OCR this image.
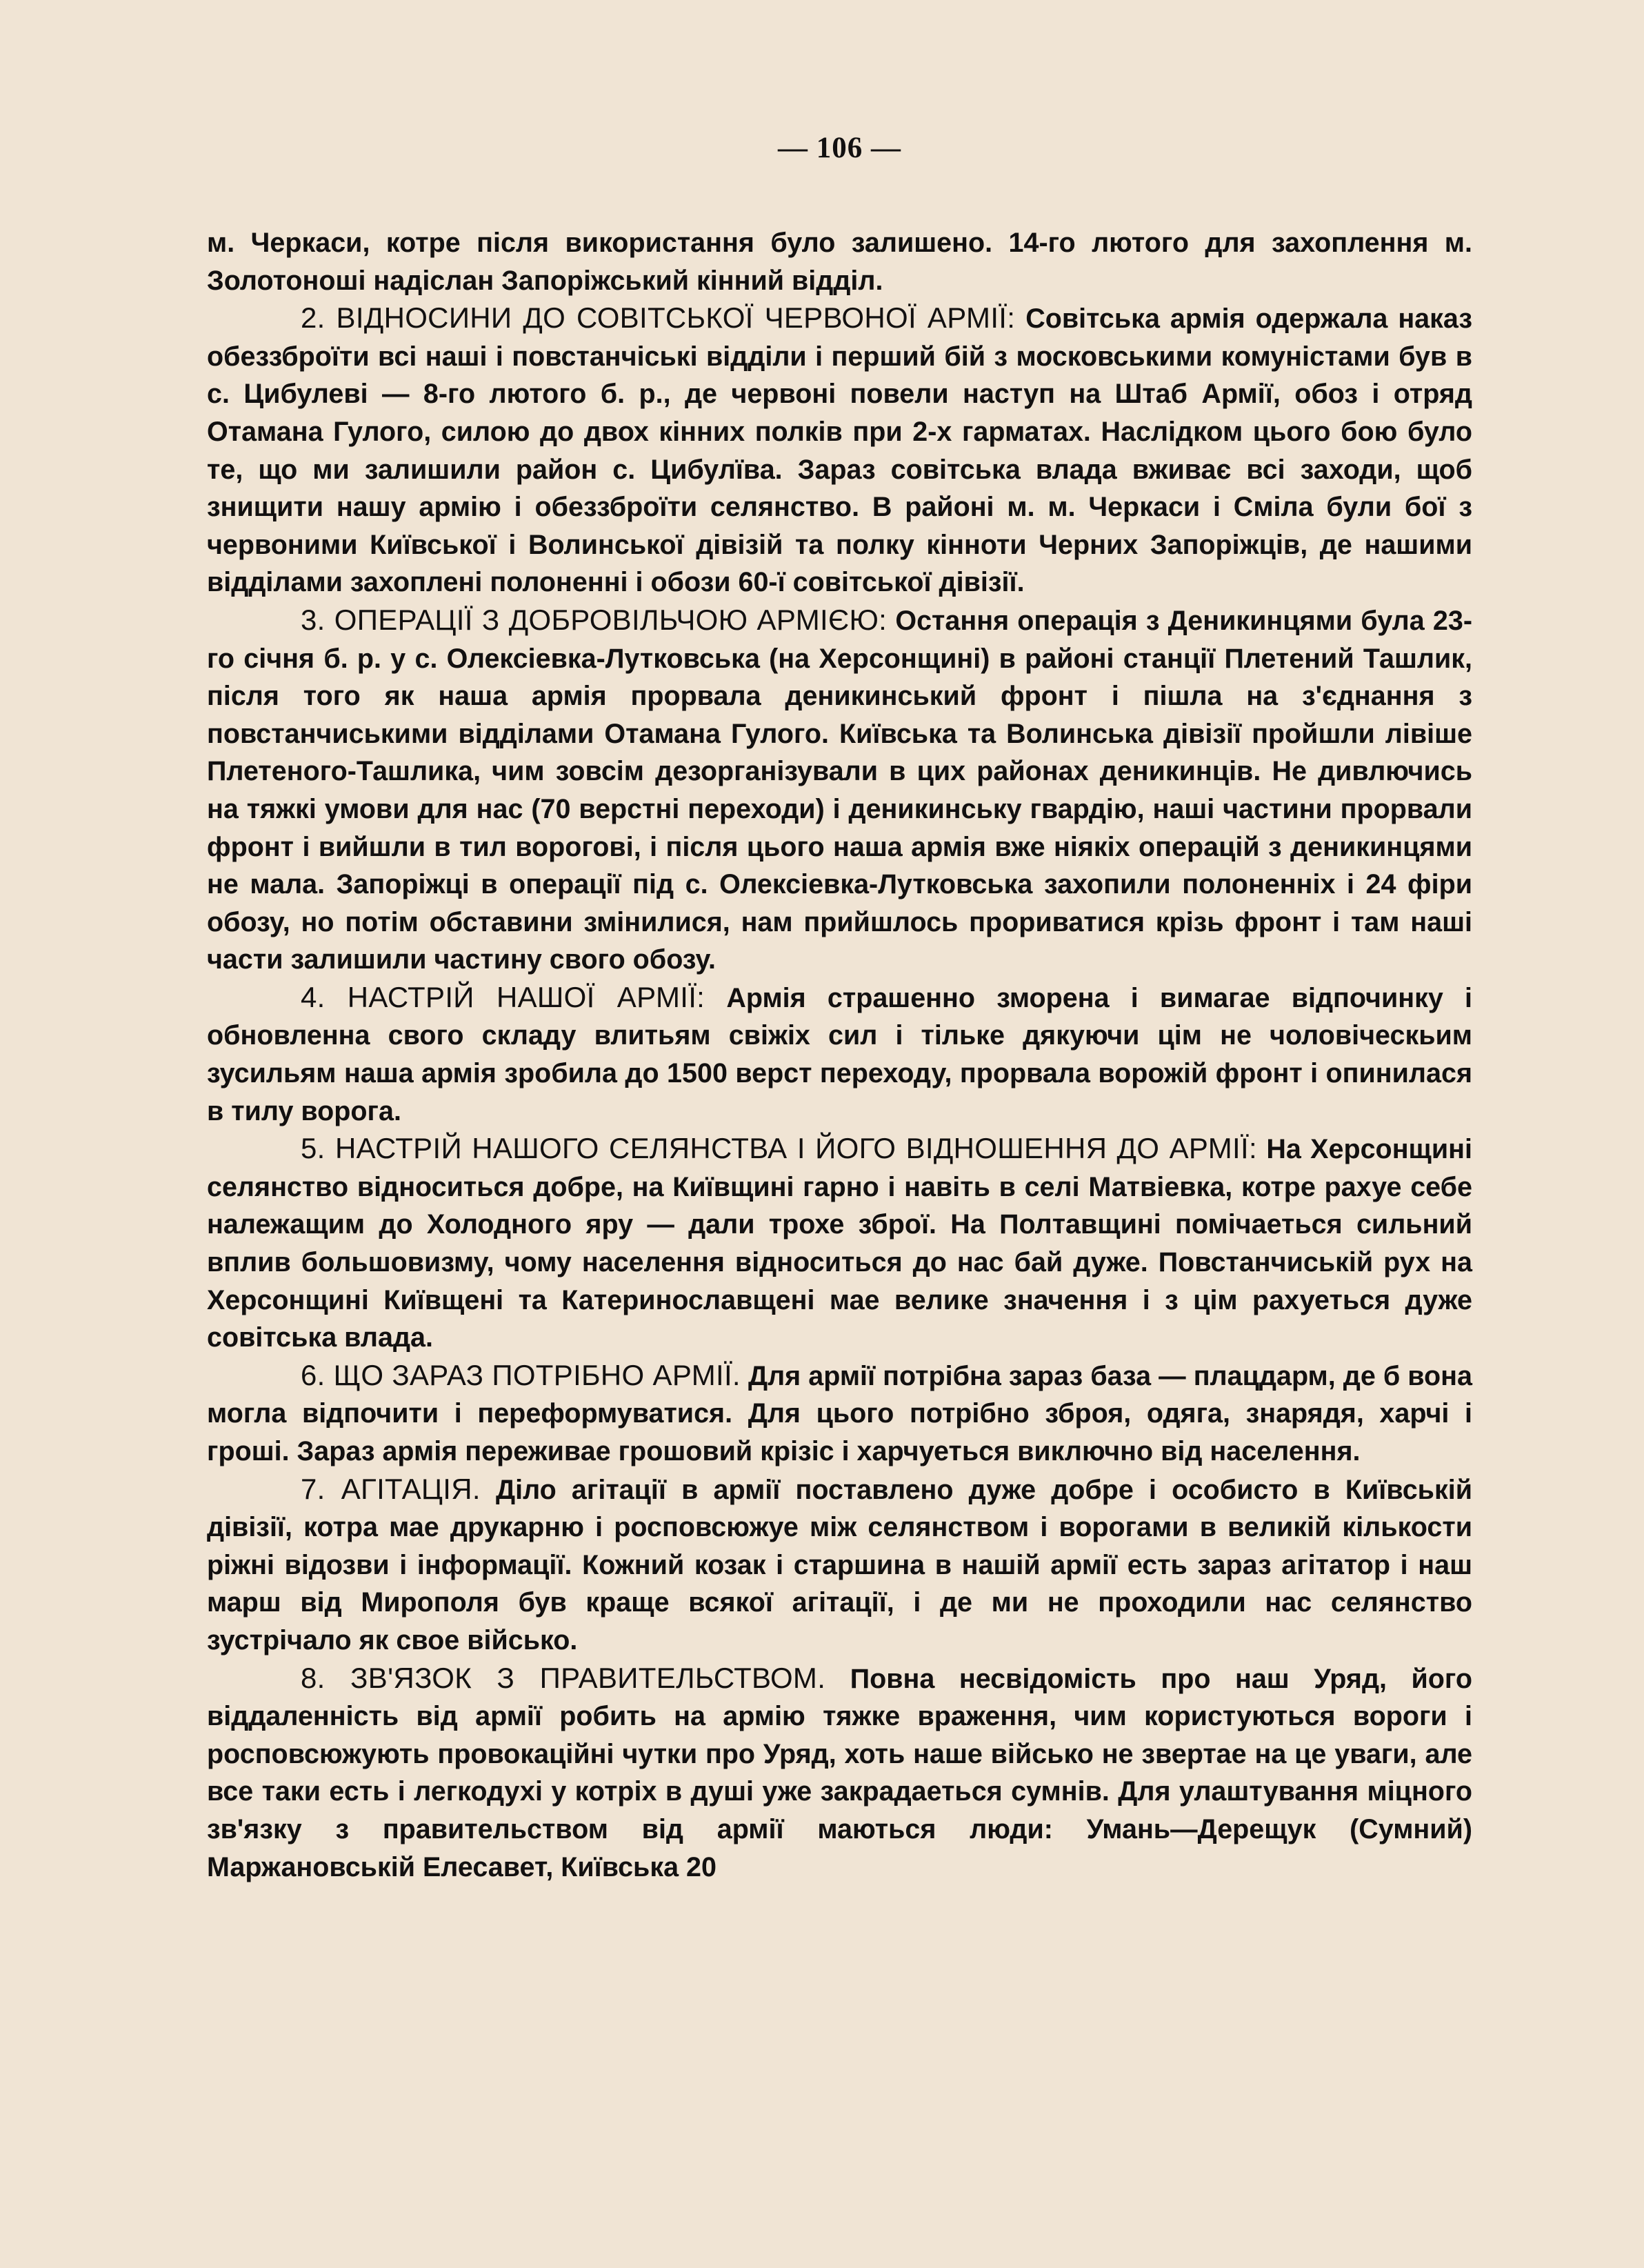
— 106 —

м. Черкаси, котре після використання було залишено. 14-го лютого для захоплення м. Золотоноші надіслан Запоріжський кінний відділ.

2. ВІДНОСИНИ ДО СОВІТСЬКОЇ ЧЕРВОНОЇ АРМІЇ: Совітська армія одержала наказ обеззброїти всі наші і повстанчіські відділи і перший бій з московськими комуністами був в с. Цибулеві — 8-го лютого б. р., де червоні повели наступ на Штаб Армії, обоз і отряд Отамана Гулого, силою до двох кінних полків при 2-х гарматах. Наслідком цього бою було те, що ми залишили район с. Цибулїва. Зараз совітська влада вживає всі заходи, щоб знищити нашу армію і обеззброїти селянство. В районі м. м. Черкаси і Сміла були бої з червоними Київської і Волинської дівізій та полку кінноти Черних Запоріжців, де нашими відділами захоплені полоненні і обози 60-ї совітської дівізії.

3. ОПЕРАЦІЇ З ДОБРОВІЛЬЧОЮ АРМІЄЮ: Остання операція з Деникинцями була 23-го січня б. р. у с. Олексіевка-Лутковська (на Херсонщині) в районі станції Плетений Ташлик, після того як наша армія прорвала деникинський фронт і пішла на з'єднання з повстанчиськими відділами Отамана Гулого. Київська та Волинська дівізії пройшли лівіше Плетеного-Ташлика, чим зовсім дезорганізували в цих районах деникинців. Не дивлючись на тяжкі умови для нас (70 верстні переходи) і деникинську гвардію, наші частини прорвали фронт і вийшли в тил ворогові, і після цього наша армія вже ніякіх операцій з деникинцями не мала. Запоріжці в операції під с. Олексіевка-Лутковська захопили полоненніх і 24 фіри обозу, но потім обставини змінилися, нам прийшлось прориватися крізь фронт і там наші части залишили частину свого обозу.

4. НАСТРІЙ НАШОЇ АРМІЇ: Армія страшенно зморена і вимагае відпочинку і обновленна свого складу влитьям свіжіх сил і тільке дякуючи цім не чоловіческьим зусильям наша армія зробила до 1500 верст переходу, прорвала ворожій фронт і опинилася в тилу ворога.

5. НАСТРІЙ НАШОГО СЕЛЯНСТВА І ЙОГО ВІДНОШЕННЯ ДО АРМІЇ: На Херсонщині селянство відноситься добре, на Київщині гарно і навіть в селі Матвіевка, котре рахуе себе належащим до Холодного яру — дали трохе зброї. На Полтавщині помічаеться сильний вплив большовизму, чому населення відноситься до нас бай дуже. Повстанчиській рух на Херсонщині Київщені та Катеринославщені мае велике значення і з цім рахуеться дуже совітська влада.

6. ЩО ЗАРАЗ ПОТРІБНО АРМІЇ. Для армії потрібна зараз база — плацдарм, де б вона могла відпочити і переформуватися. Для цього потрібно зброя, одяга, знарядя, харчі і гроші. Зараз армія переживае грошовий крізіс і харчуеться виключно від населення.

7. АГІТАЦІЯ. Діло агітації в армії поставлено дуже добре і особисто в Київській дівізії, котра мае друкарню і росповсюжуе між селянством і ворогами в великій кількости ріжні відозви і інформації. Кожний козак і старшина в нашій армії есть зараз агітатор і наш марш від Мирополя був краще всякої агітації, і де ми не проходили нас селянство зустрічало як свое військо.

8. ЗВ'ЯЗОК З ПРАВИТЕЛЬСТВОМ. Повна несвідомість про наш Уряд, його віддаленність від армії робить на армію тяжке враження, чим користуються вороги і росповсюжують провокаційні чутки про Уряд, хоть наше військо не звертае на це уваги, але все таки есть і легкодухі у котріх в душі уже закрадаеться сумнів. Для улаштування міцного зв'язку з правительством від армії маються люди: Умань—Дерещук (Сумний) Маржановській Елесавет, Київська 20
